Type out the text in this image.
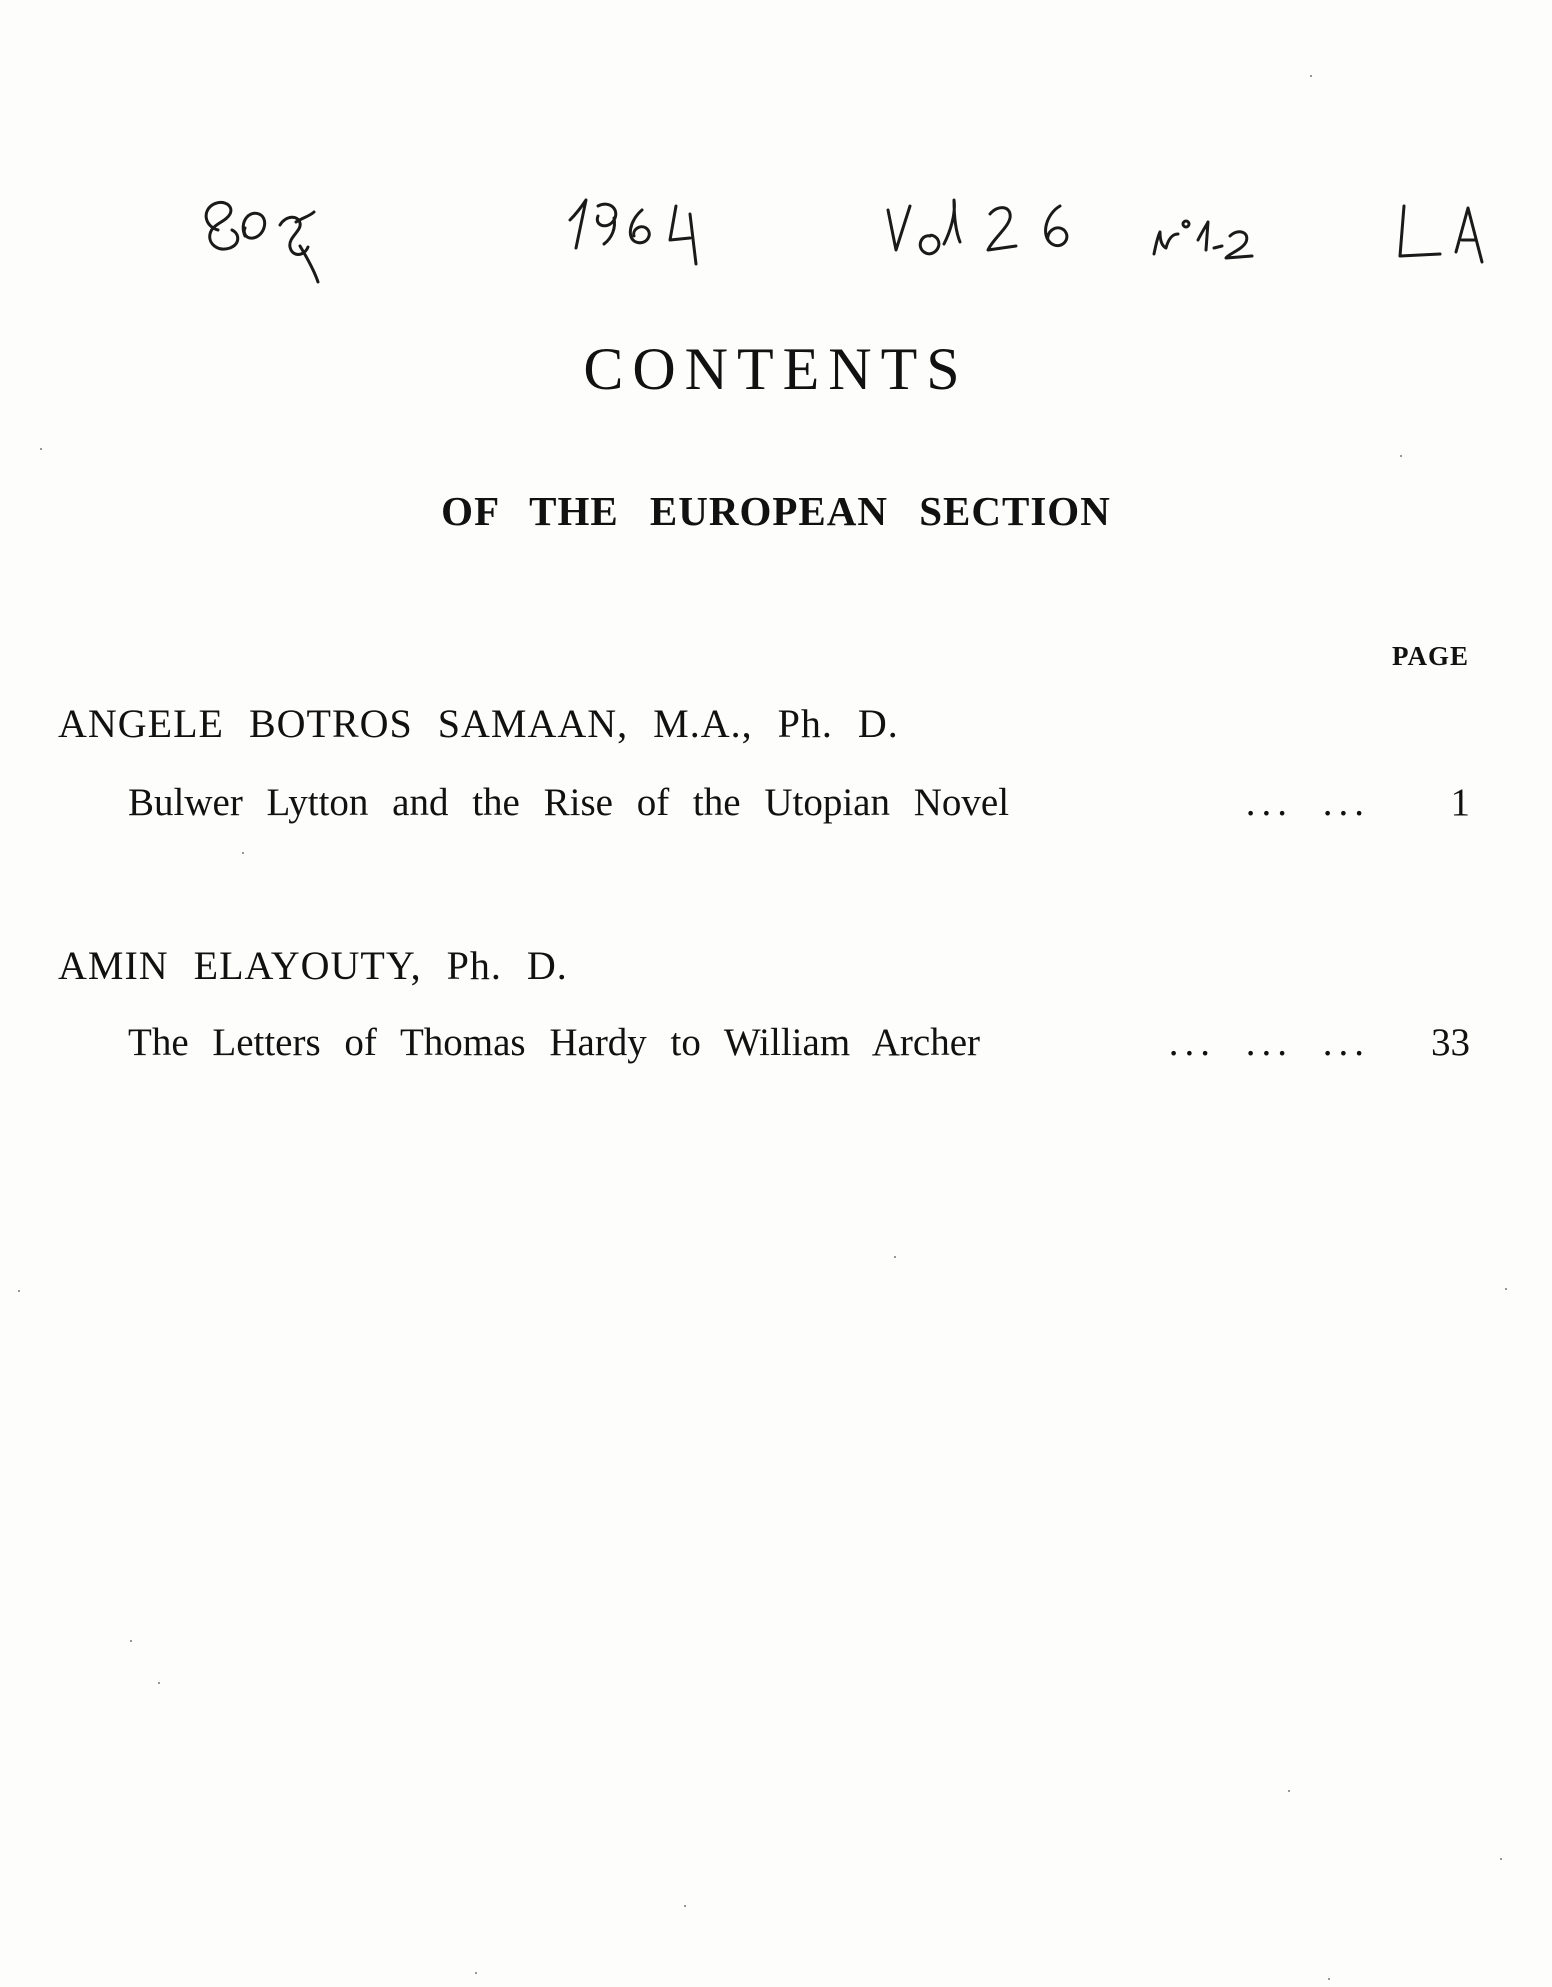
CONTENTS
OF THE EUROPEAN SECTION
PAGE
ANGELE BOTROS SAMAAN, M.A., Ph. D.
Bulwer Lytton and the Rise of the Utopian Novel	... ...	1
AMIN ELAYOUTY, Ph. D.
The Letters of Thomas Hardy to William Archer	... ... ...	33
